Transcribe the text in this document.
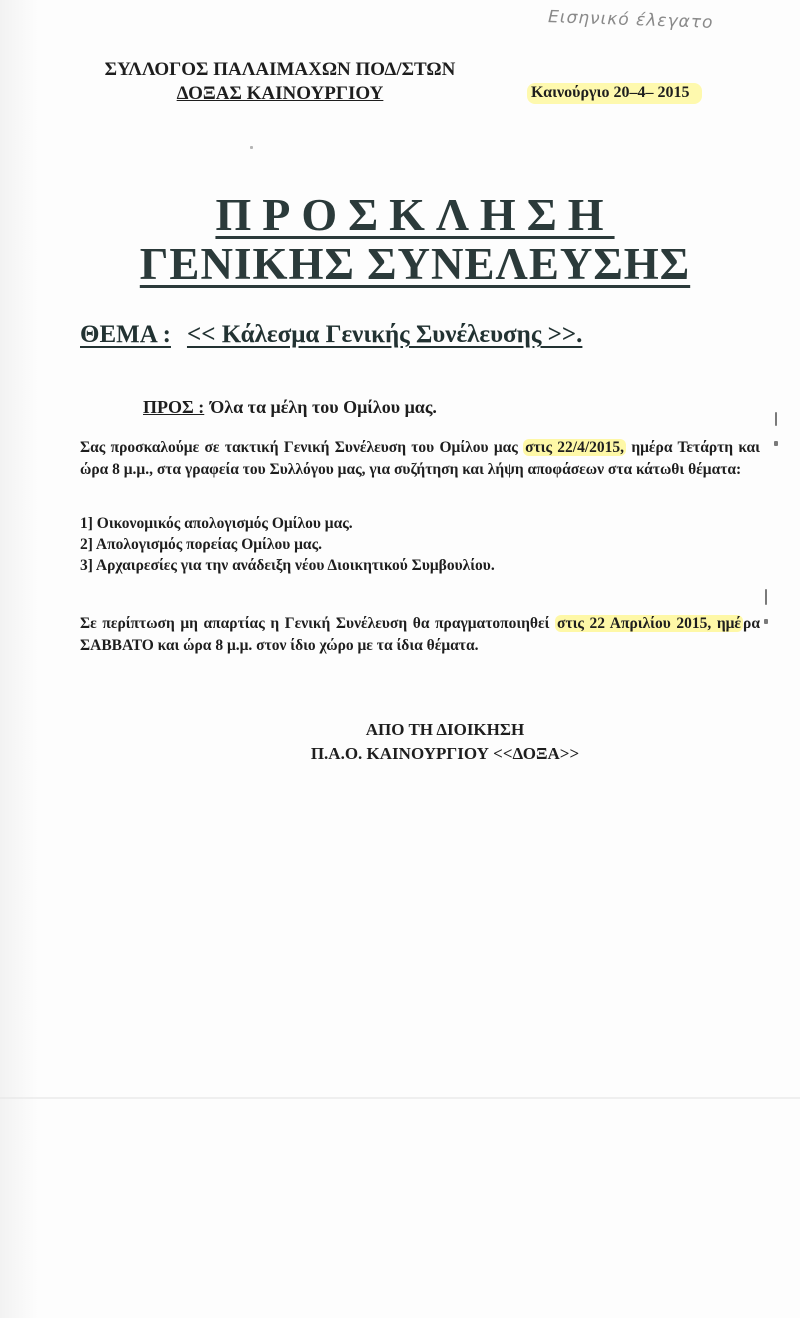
Εισηνικό έλεγατο
ΣΥΛΛΟΓΟΣ ΠΑΛΑΙΜΑΧΩΝ ΠΟΔ/ΣΤΩΝ
ΔΟΞΑΣ ΚΑΙΝΟΥΡΓΙΟΥ	Καινούργιο 20–4– 2015
ΠΡΟΣΚΛΗΣΗ
ΓΕΝΙΚΗΣ ΣΥΝΕΛΕΥΣΗΣ
ΘΕΜΑ : << Κάλεσμα Γενικής Συνέλευσης >>.
ΠΡΟΣ : Όλα τα μέλη του Ομίλου μας.
Σας προσκαλούμε σε τακτική Γενική Συνέλευση του Ομίλου μας στις 22/4/2015, ημέρα Τετάρτη και ώρα 8 μ.μ., στα γραφεία του Συλλόγου μας, για συζήτηση και λήψη αποφάσεων στα κάτωθι θέματα:
1] Οικονομικός απολογισμός Ομίλου μας.
2] Απολογισμός πορείας Ομίλου μας.
3] Αρχαιρεσίες για την ανάδειξη νέου Διοικητικού Συμβουλίου.
Σε περίπτωση μη απαρτίας η Γενική Συνέλευση θα πραγματοποιηθεί στις 22 Απριλίου 2015, ημέ ρα ΣΑΒΒΑΤΟ και ώρα 8 μ.μ. στον ίδιο χώρο με τα ίδια θέματα.
ΑΠΟ ΤΗ ΔΙΟΙΚΗΣΗ
Π.Α.Ο. ΚΑΙΝΟΥΡΓΙΟΥ <<ΔΟΞΑ>>
